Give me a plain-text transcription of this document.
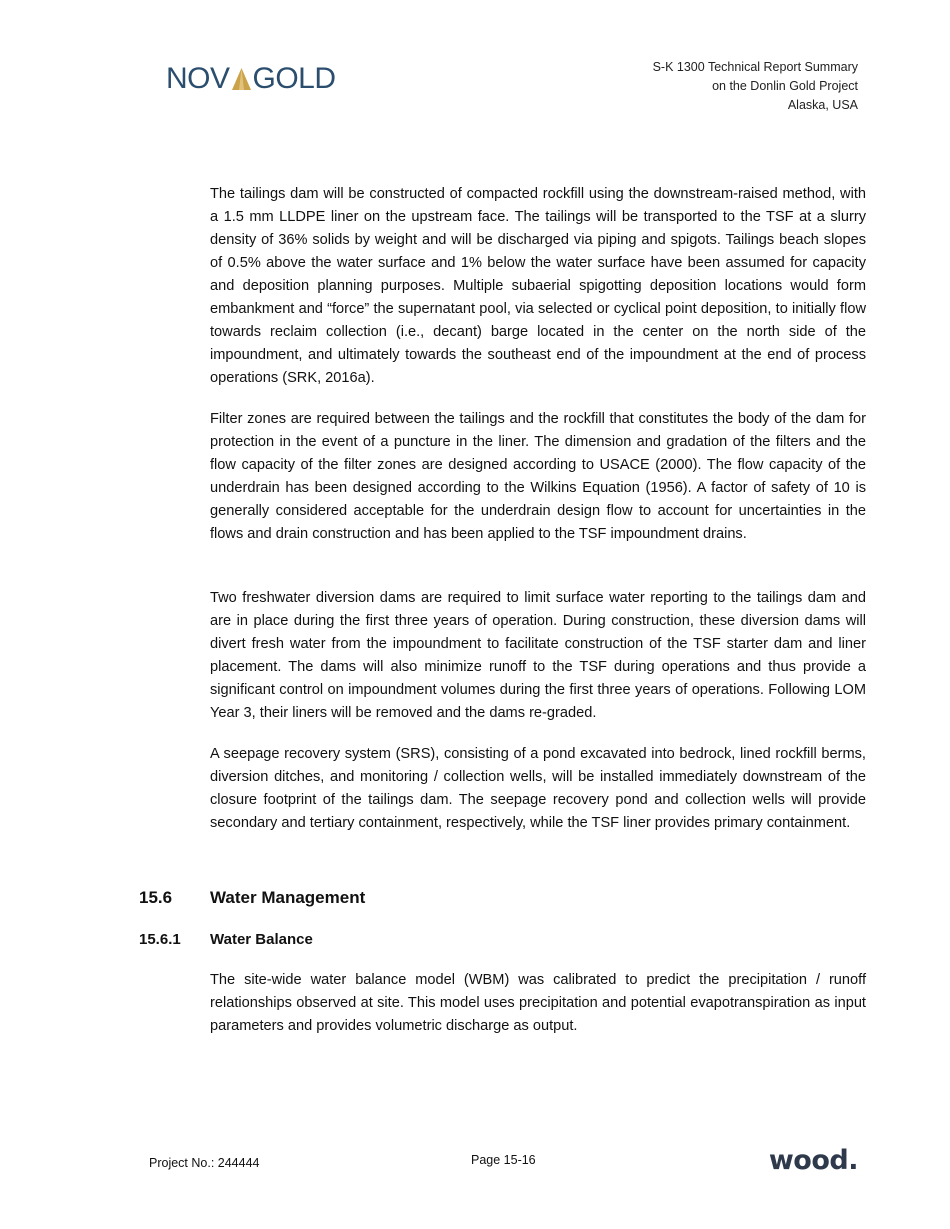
NOV GOLD	S-K 1300 Technical Report Summary
on the Donlin Gold Project
Alaska, USA
The tailings dam will be constructed of compacted rockfill using the downstream-raised method, with a 1.5 mm LLDPE liner on the upstream face. The tailings will be transported to the TSF at a slurry density of 36% solids by weight and will be discharged via piping and spigots. Tailings beach slopes of 0.5% above the water surface and 1% below the water surface have been assumed for capacity and deposition planning purposes. Multiple subaerial spigotting deposition locations would form embankment and “force” the supernatant pool, via selected or cyclical point deposition, to initially flow towards reclaim collection (i.e., decant) barge located in the center on the north side of the impoundment, and ultimately towards the southeast end of the impoundment at the end of process operations (SRK, 2016a).
Filter zones are required between the tailings and the rockfill that constitutes the body of the dam for protection in the event of a puncture in the liner. The dimension and gradation of the filters and the flow capacity of the filter zones are designed according to USACE (2000). The flow capacity of the underdrain has been designed according to the Wilkins Equation (1956). A factor of safety of 10 is generally considered acceptable for the underdrain design flow to account for uncertainties in the flows and drain construction and has been applied to the TSF impoundment drains.
Two freshwater diversion dams are required to limit surface water reporting to the tailings dam and are in place during the first three years of operation. During construction, these diversion dams will divert fresh water from the impoundment to facilitate construction of the TSF starter dam and liner placement. The dams will also minimize runoff to the TSF during operations and thus provide a significant control on impoundment volumes during the first three years of operations. Following LOM Year 3, their liners will be removed and the dams re-graded.
A seepage recovery system (SRS), consisting of a pond excavated into bedrock, lined rockfill berms, diversion ditches, and monitoring / collection wells, will be installed immediately downstream of the closure footprint of the tailings dam. The seepage recovery pond and collection wells will provide secondary and tertiary containment, respectively, while the TSF liner provides primary containment.
15.6 Water Management
15.6.1 Water Balance
The site-wide water balance model (WBM) was calibrated to predict the precipitation / runoff relationships observed at site. This model uses precipitation and potential evapotranspiration as input parameters and provides volumetric discharge as output.
Project No.: 244444	Page 15-16	wood.
